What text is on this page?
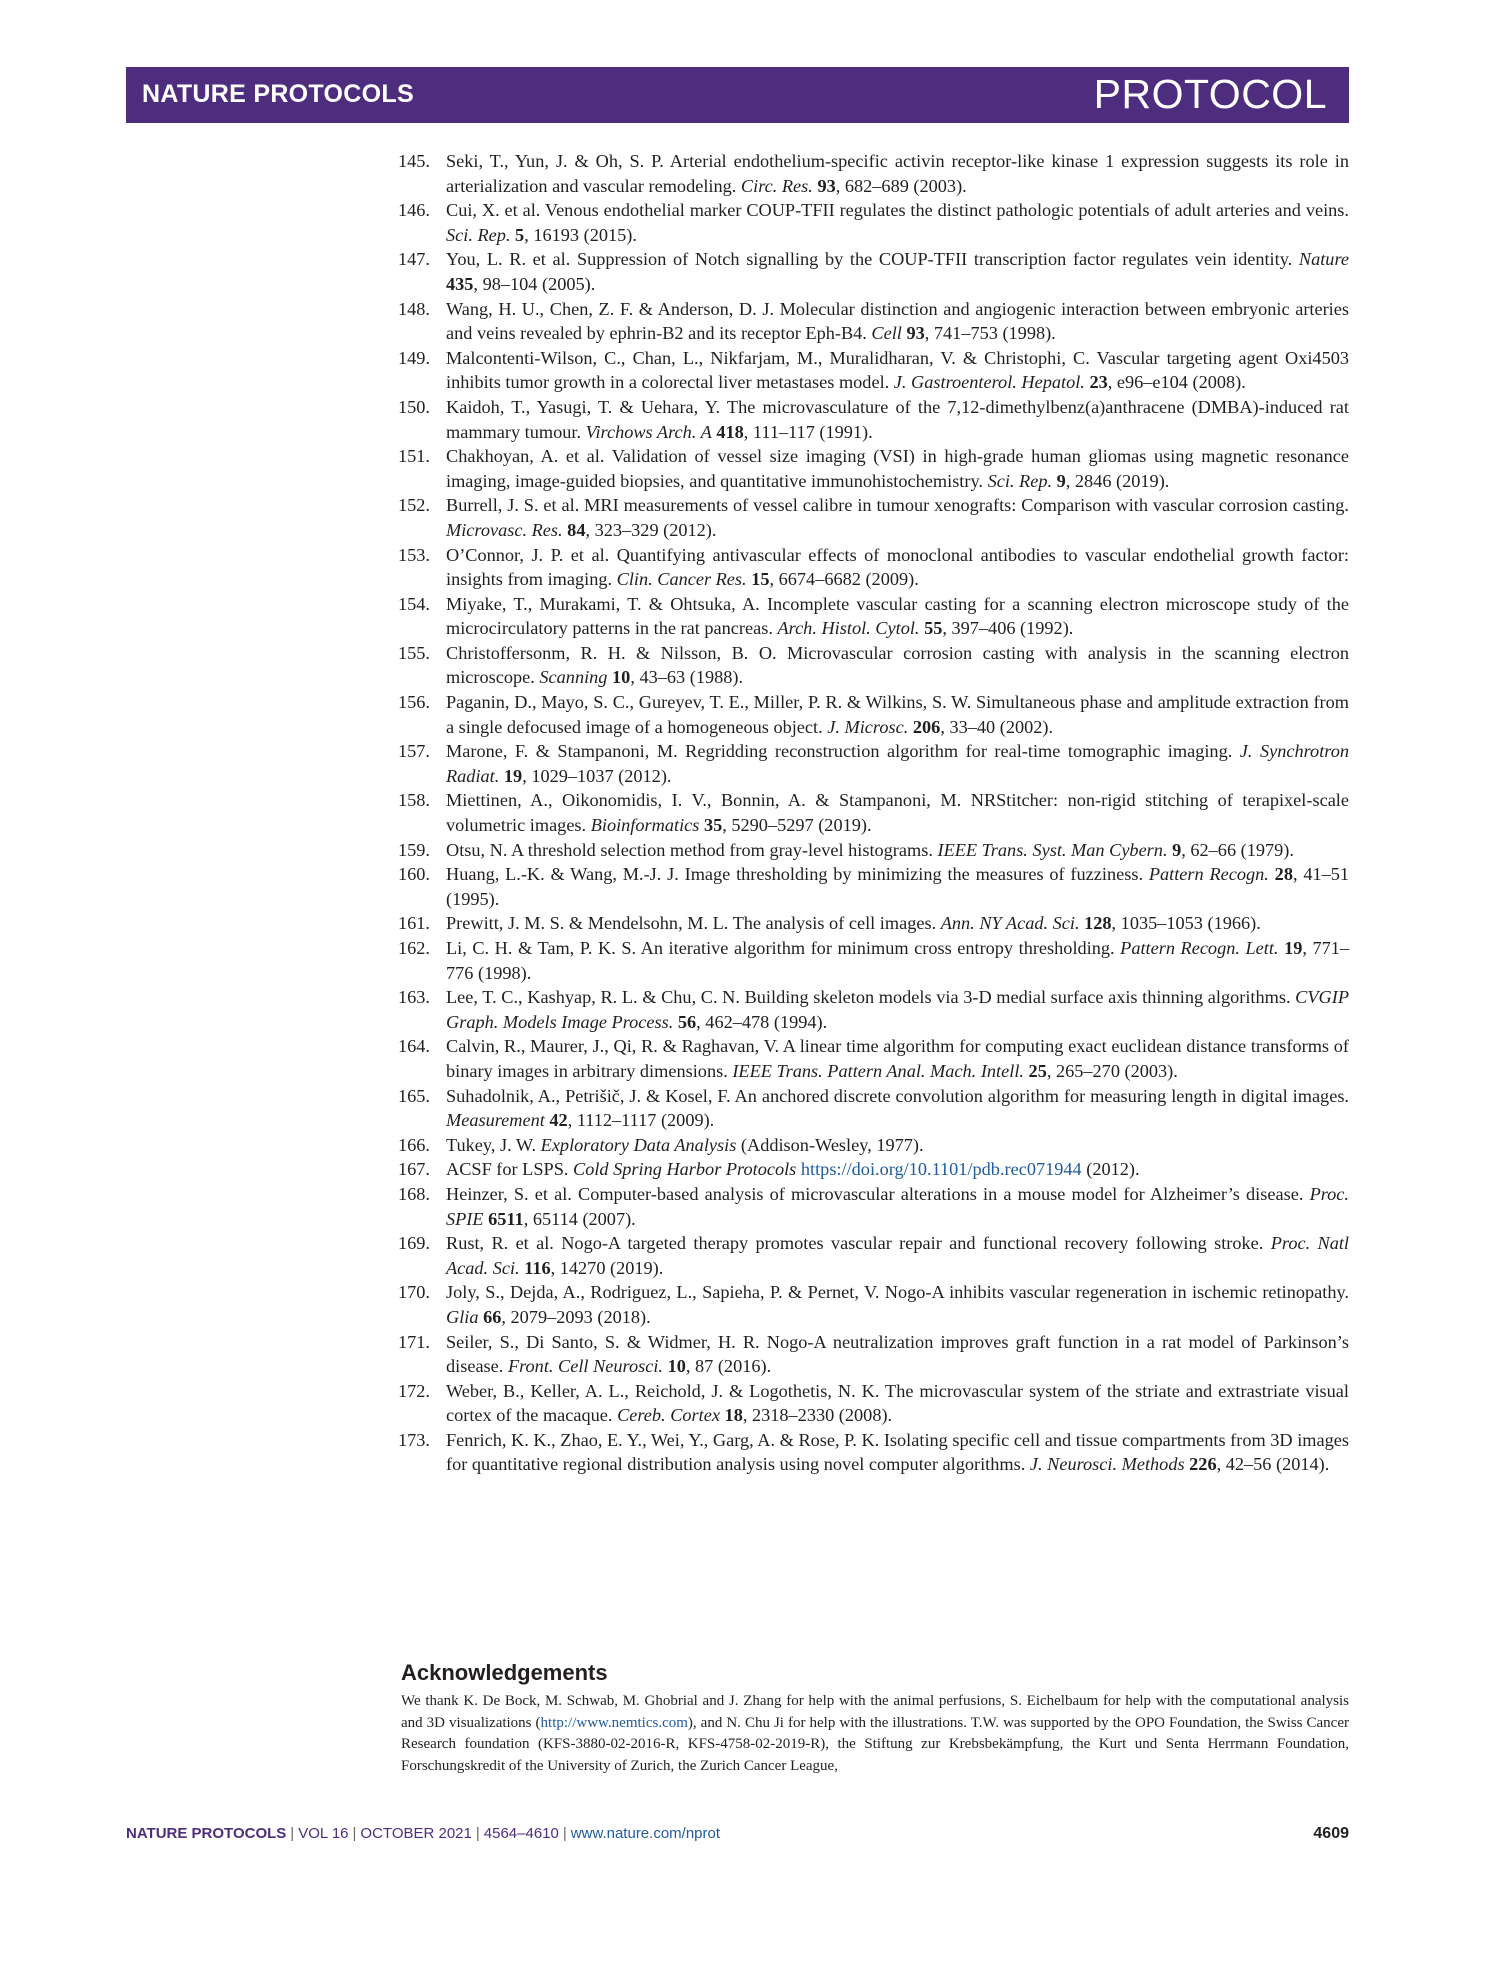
NATURE PROTOCOLS	PROTOCOL
145. Seki, T., Yun, J. & Oh, S. P. Arterial endothelium-specific activin receptor-like kinase 1 expression suggests its role in arterialization and vascular remodeling. Circ. Res. 93, 682–689 (2003).
146. Cui, X. et al. Venous endothelial marker COUP-TFII regulates the distinct pathologic potentials of adult arteries and veins. Sci. Rep. 5, 16193 (2015).
147. You, L. R. et al. Suppression of Notch signalling by the COUP-TFII transcription factor regulates vein identity. Nature 435, 98–104 (2005).
148. Wang, H. U., Chen, Z. F. & Anderson, D. J. Molecular distinction and angiogenic interaction between embryonic arteries and veins revealed by ephrin-B2 and its receptor Eph-B4. Cell 93, 741–753 (1998).
149. Malcontenti-Wilson, C., Chan, L., Nikfarjam, M., Muralidharan, V. & Christophi, C. Vascular targeting agent Oxi4503 inhibits tumor growth in a colorectal liver metastases model. J. Gastroenterol. Hepatol. 23, e96–e104 (2008).
150. Kaidoh, T., Yasugi, T. & Uehara, Y. The microvasculature of the 7,12-dimethylbenz(a)anthracene (DMBA)-induced rat mammary tumour. Virchows Arch. A 418, 111–117 (1991).
151. Chakhoyan, A. et al. Validation of vessel size imaging (VSI) in high-grade human gliomas using magnetic resonance imaging, image-guided biopsies, and quantitative immunohistochemistry. Sci. Rep. 9, 2846 (2019).
152. Burrell, J. S. et al. MRI measurements of vessel calibre in tumour xenografts: Comparison with vascular corrosion casting. Microvasc. Res. 84, 323–329 (2012).
153. O’Connor, J. P. et al. Quantifying antivascular effects of monoclonal antibodies to vascular endothelial growth factor: insights from imaging. Clin. Cancer Res. 15, 6674–6682 (2009).
154. Miyake, T., Murakami, T. & Ohtsuka, A. Incomplete vascular casting for a scanning electron microscope study of the microcirculatory patterns in the rat pancreas. Arch. Histol. Cytol. 55, 397–406 (1992).
155. Christoffersonm, R. H. & Nilsson, B. O. Microvascular corrosion casting with analysis in the scanning electron microscope. Scanning 10, 43–63 (1988).
156. Paganin, D., Mayo, S. C., Gureyev, T. E., Miller, P. R. & Wilkins, S. W. Simultaneous phase and amplitude extraction from a single defocused image of a homogeneous object. J. Microsc. 206, 33–40 (2002).
157. Marone, F. & Stampanoni, M. Regridding reconstruction algorithm for real-time tomographic imaging. J. Synchrotron Radiat. 19, 1029–1037 (2012).
158. Miettinen, A., Oikonomidis, I. V., Bonnin, A. & Stampanoni, M. NRStitcher: non-rigid stitching of terapixel-scale volumetric images. Bioinformatics 35, 5290–5297 (2019).
159. Otsu, N. A threshold selection method from gray-level histograms. IEEE Trans. Syst. Man Cybern. 9, 62–66 (1979).
160. Huang, L.-K. & Wang, M.-J. J. Image thresholding by minimizing the measures of fuzziness. Pattern Recogn. 28, 41–51 (1995).
161. Prewitt, J. M. S. & Mendelsohn, M. L. The analysis of cell images. Ann. NY Acad. Sci. 128, 1035–1053 (1966).
162. Li, C. H. & Tam, P. K. S. An iterative algorithm for minimum cross entropy thresholding. Pattern Recogn. Lett. 19, 771–776 (1998).
163. Lee, T. C., Kashyap, R. L. & Chu, C. N. Building skeleton models via 3-D medial surface axis thinning algorithms. CVGIP Graph. Models Image Process. 56, 462–478 (1994).
164. Calvin, R., Maurer, J., Qi, R. & Raghavan, V. A linear time algorithm for computing exact euclidean distance transforms of binary images in arbitrary dimensions. IEEE Trans. Pattern Anal. Mach. Intell. 25, 265–270 (2003).
165. Suhadolnik, A., Petrišič, J. & Kosel, F. An anchored discrete convolution algorithm for measuring length in digital images. Measurement 42, 1112–1117 (2009).
166. Tukey, J. W. Exploratory Data Analysis (Addison-Wesley, 1977).
167. ACSF for LSPS. Cold Spring Harbor Protocols https://doi.org/10.1101/pdb.rec071944 (2012).
168. Heinzer, S. et al. Computer-based analysis of microvascular alterations in a mouse model for Alzheimer’s disease. Proc. SPIE 6511, 65114 (2007).
169. Rust, R. et al. Nogo-A targeted therapy promotes vascular repair and functional recovery following stroke. Proc. Natl Acad. Sci. 116, 14270 (2019).
170. Joly, S., Dejda, A., Rodriguez, L., Sapieha, P. & Pernet, V. Nogo-A inhibits vascular regeneration in ischemic retinopathy. Glia 66, 2079–2093 (2018).
171. Seiler, S., Di Santo, S. & Widmer, H. R. Nogo-A neutralization improves graft function in a rat model of Parkinson’s disease. Front. Cell Neurosci. 10, 87 (2016).
172. Weber, B., Keller, A. L., Reichold, J. & Logothetis, N. K. The microvascular system of the striate and extrastriate visual cortex of the macaque. Cereb. Cortex 18, 2318–2330 (2008).
173. Fenrich, K. K., Zhao, E. Y., Wei, Y., Garg, A. & Rose, P. K. Isolating specific cell and tissue compartments from 3D images for quantitative regional distribution analysis using novel computer algorithms. J. Neurosci. Methods 226, 42–56 (2014).
Acknowledgements

We thank K. De Bock, M. Schwab, M. Ghobrial and J. Zhang for help with the animal perfusions, S. Eichelbaum for help with the computational analysis and 3D visualizations (http://www.nemtics.com), and N. Chu Ji for help with the illustrations. T.W. was supported by the OPO Foundation, the Swiss Cancer Research foundation (KFS-3880-02-2016-R, KFS-4758-02-2019-R), the Stiftung zur Krebsbekämpfung, the Kurt und Senta Herrmann Foundation, Forschungskredit of the University of Zurich, the Zurich Cancer League,

NATURE PROTOCOLS | VOL 16 | OCTOBER 2021 | 4564–4610 | www.nature.com/nprot	4609
